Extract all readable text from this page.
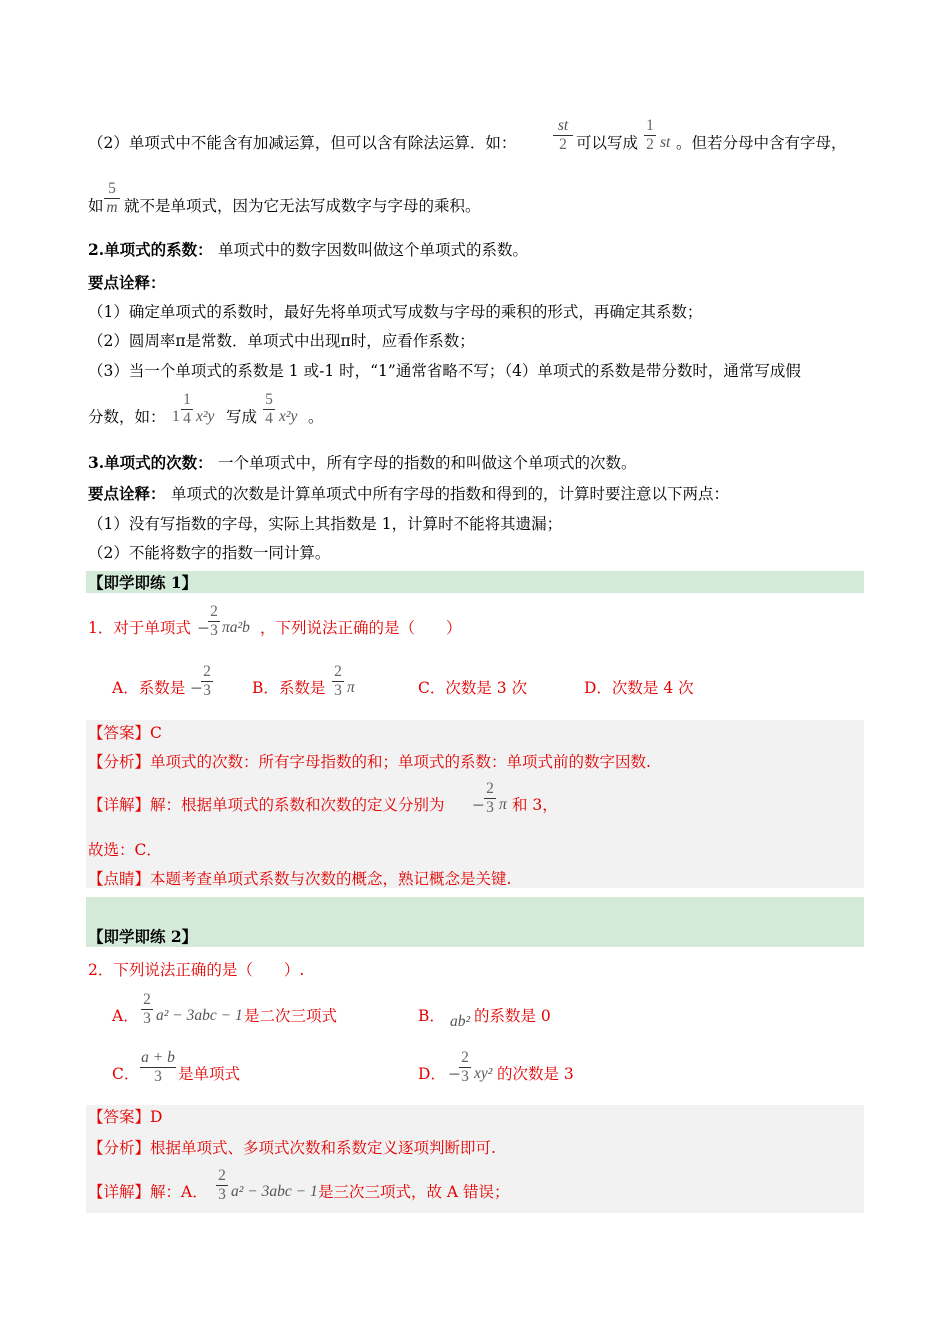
（2）单项式中不能含有加减运算，但可以含有除法运算．如： $\frac{st}{2}$ 可以写成 $\frac{1}{2}$ st 。但若分母中含有字母，
如 $\frac{5}{m}$ 就不是单项式，因为它无法写成数字与字母的乘积。
2.单项式的系数： 单项式中的数字因数叫做这个单项式的系数。
要点诠释：
（1）确定单项式的系数时，最好先将单项式写成数与字母的乘积的形式，再确定其系数；
（2）圆周率π是常数．单项式中出现π时，应看作系数；
（3）当一个单项式的系数是 1 或-1 时，“1”通常省略不写；（4）单项式的系数是带分数时，通常写成假
分数，如： $1 \frac{1}{4} x^2y$ 写成 $\frac{5}{4} x^2y$ 。
3.单项式的次数： 一个单项式中，所有字母的指数的和叫做这个单项式的次数。
要点诠释： 单项式的次数是计算单项式中所有字母的指数和得到的，计算时要注意以下两点：
（1）没有写指数的字母，实际上其指数是 1，计算时不能将其遗漏；
（2）不能将数字的指数一同计算。
【即学即练 1】
1．对于单项式 −
$\frac{2}{3} \pi a^2b$ ，下列说法正确的是（　　）
A．系数是 −
$\frac{2}{3}$	B．系数是 $\frac{2}{3}$ π	C．次数是 3 次	D．次数是 4 次
【答案】C
【分析】单项式的次数：所有字母指数的和；单项式的系数：单项式前的数字因数.
【详解】解：根据单项式的系数和次数的定义分别为 − $\frac{2}{3}$ π 和 3，
故选：C．
【点睛】本题考查单项式系数与次数的概念，熟记概念是关键.
【即学即练 2】
2．下列说法正确的是（　　）.
A． $\frac{2}{3} a^2 - 3abc - 1$ 是二次三项式	B． ab² 的系数是 0
C． $\frac{a + b}{3}$ 是单项式	D． −
$\frac{2}{3} xy^2$ 的次数是 3
【答案】D
【分析】根据单项式、多项式次数和系数定义逐项判断即可.
【详解】解：A． $\frac{2}{3} a^2 - 3abc - 1$ 是三次三项式，故 A 错误；
